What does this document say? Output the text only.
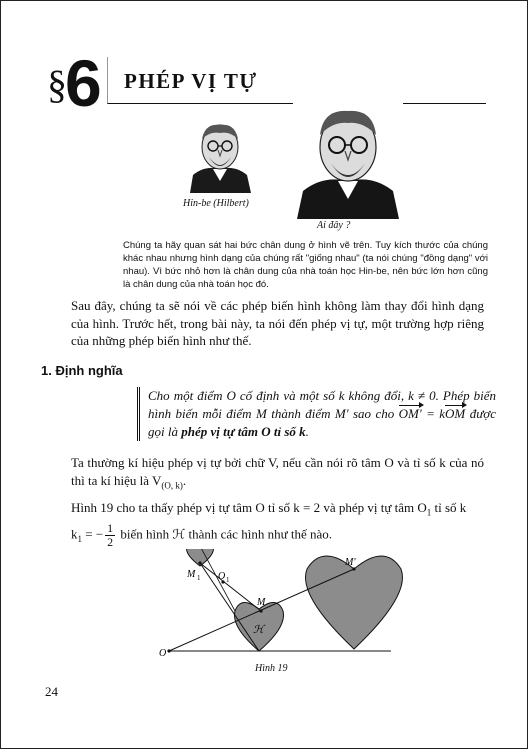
§
6 PHÉP VỊ TỰ
Hin-be (Hilbert)
Ai đây ?
Chúng ta hãy quan sát hai bức chân dung ở hình vẽ trên. Tuy kích thước của chúng khác nhau nhưng hình dạng của chúng rất "giống nhau" (ta nói chúng "đồng dạng" với nhau). Vì bức nhỏ hơn là chân dung của nhà toán học Hin-be, nên bức lớn hơn cũng là chân dung của nhà toán học đó.
Sau đây, chúng ta sẽ nói về các phép biến hình không làm thay đổi hình dạng của hình. Trước hết, trong bài này, ta nói đến phép vị tự, một trường hợp riêng của những phép biến hình như thế.
1. Định nghĩa
Cho một điểm O cố định và một số k không đổi, k ≠ 0. Phép biến hình biến mỗi điểm M thành điểm M' sao cho OM' = kOM được gọi là phép vị tự tâm O tỉ số k.
Ta thường kí hiệu phép vị tự bởi chữ V, nếu cần nói rõ tâm O và tỉ số k của nó thì ta kí hiệu là $V_{(O, k)}$.
Hình 19 cho ta thấy phép vị tự tâm O tỉ số k = 2 và phép vị tự tâm $O_1$ tỉ số k
$k_1$ = − $\frac{1}{2}$ biến hình ℋ thành các hình như thế nào.
O
M 1 O 1
M
ℋ
M'
Hình 19
24
